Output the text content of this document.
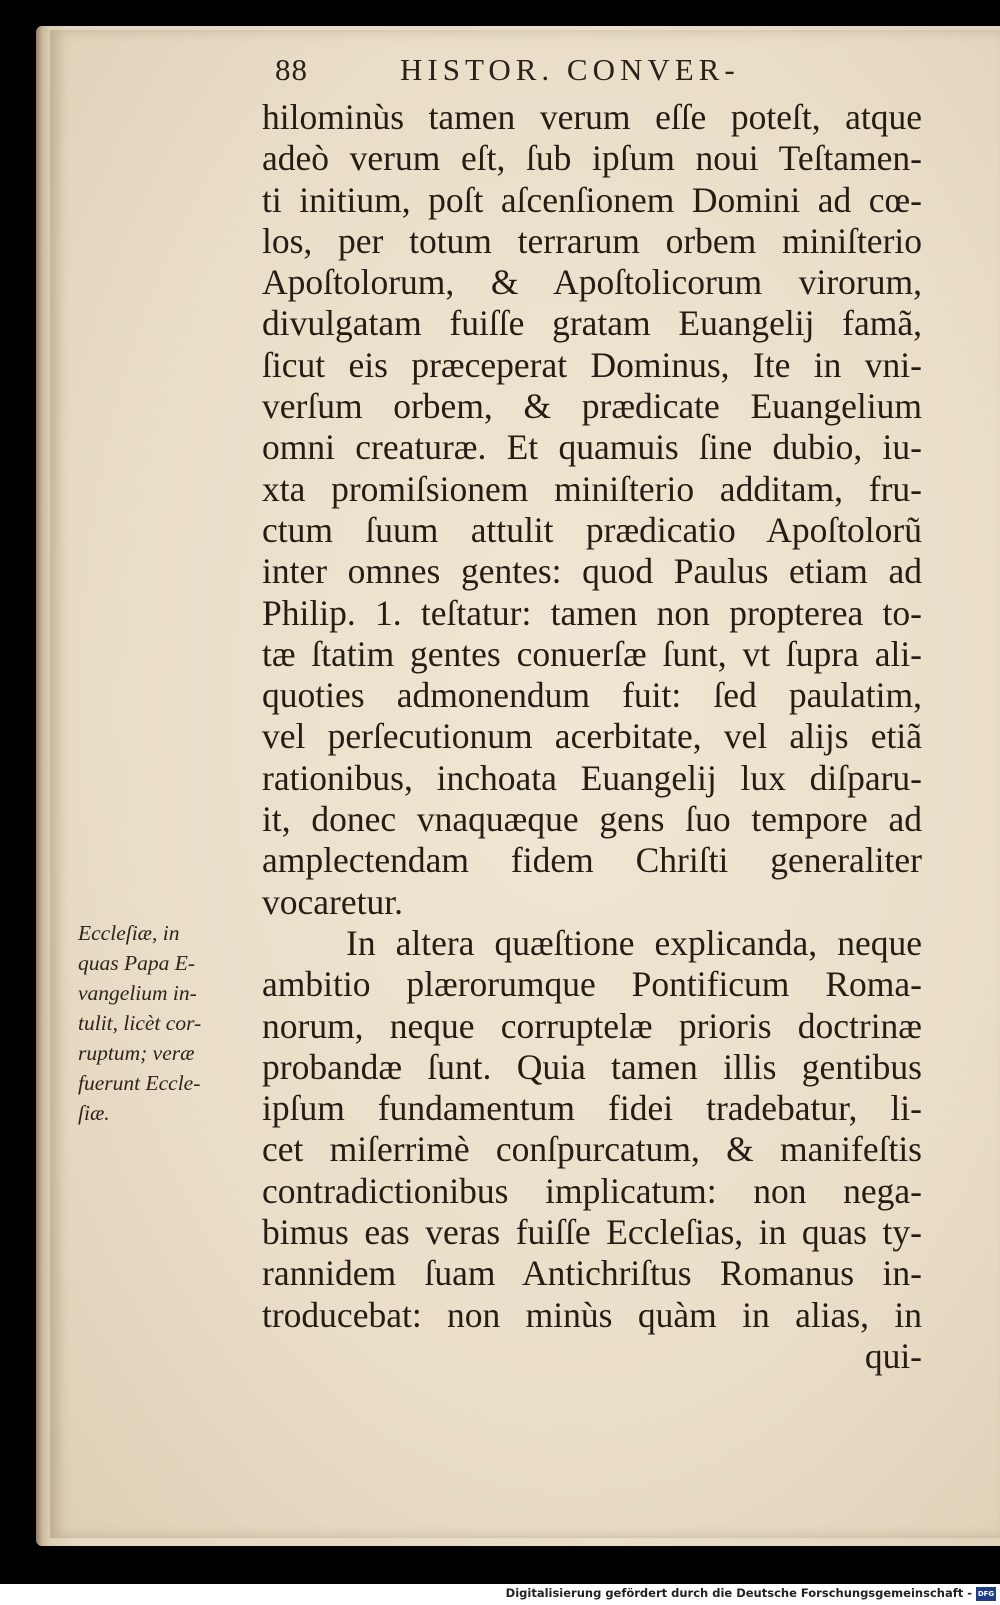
88	HISTOR. CONVER-
hilominùs tamen verum eſſe poteſt, atque
adeò verum eſt, ſub ipſum noui Teſtamen-
ti initium, poſt aſcenſionem Domini ad cœ-
los, per totum terrarum orbem miniſterio
Apoſtolorum, & Apoſtolicorum virorum,
divulgatam fuiſſe gratam Euangelij famã,
ſicut eis præceperat Dominus, Ite in vni-
verſum orbem, & prædicate Euangelium
omni creaturæ. Et quamuis ſine dubio, iu-
xta promiſsionem miniſterio additam, fru-
ctum ſuum attulit prædicatio Apoſtolorũ
inter omnes gentes: quod Paulus etiam ad
Philip. 1. teſtatur: tamen non propterea to-
tæ ſtatim gentes conuerſæ ſunt, vt ſupra ali-
quoties admonendum fuit: ſed paulatim,
vel perſecutionum acerbitate, vel alijs etiã
rationibus, inchoata Euangelij lux diſparu-
it, donec vnaquæque gens ſuo tempore ad
amplectendam fidem Chriſti generaliter
vocaretur.
In altera quæſtione explicanda, neque
ambitio plærorumque Pontificum Roma-
norum, neque corruptelæ prioris doctrinæ
probandæ ſunt. Quia tamen illis gentibus
ipſum fundamentum fidei tradebatur, li-
cet miſerrimè conſpurcatum, & manifeſtis
contradictionibus implicatum: non nega-
bimus eas veras fuiſſe Eccleſias, in quas ty-
rannidem ſuam Antichriſtus Romanus in-
troducebat: non minùs quàm in alias, in
qui-
Eccleſiæ, in
quas Papa E-
vangelium in-
tulit, licèt cor-
ruptum; veræ
fuerunt Eccle-
ſiæ.
Digitalisierung gefördert durch die Deutsche Forschungsgemeinschaft - DFG
